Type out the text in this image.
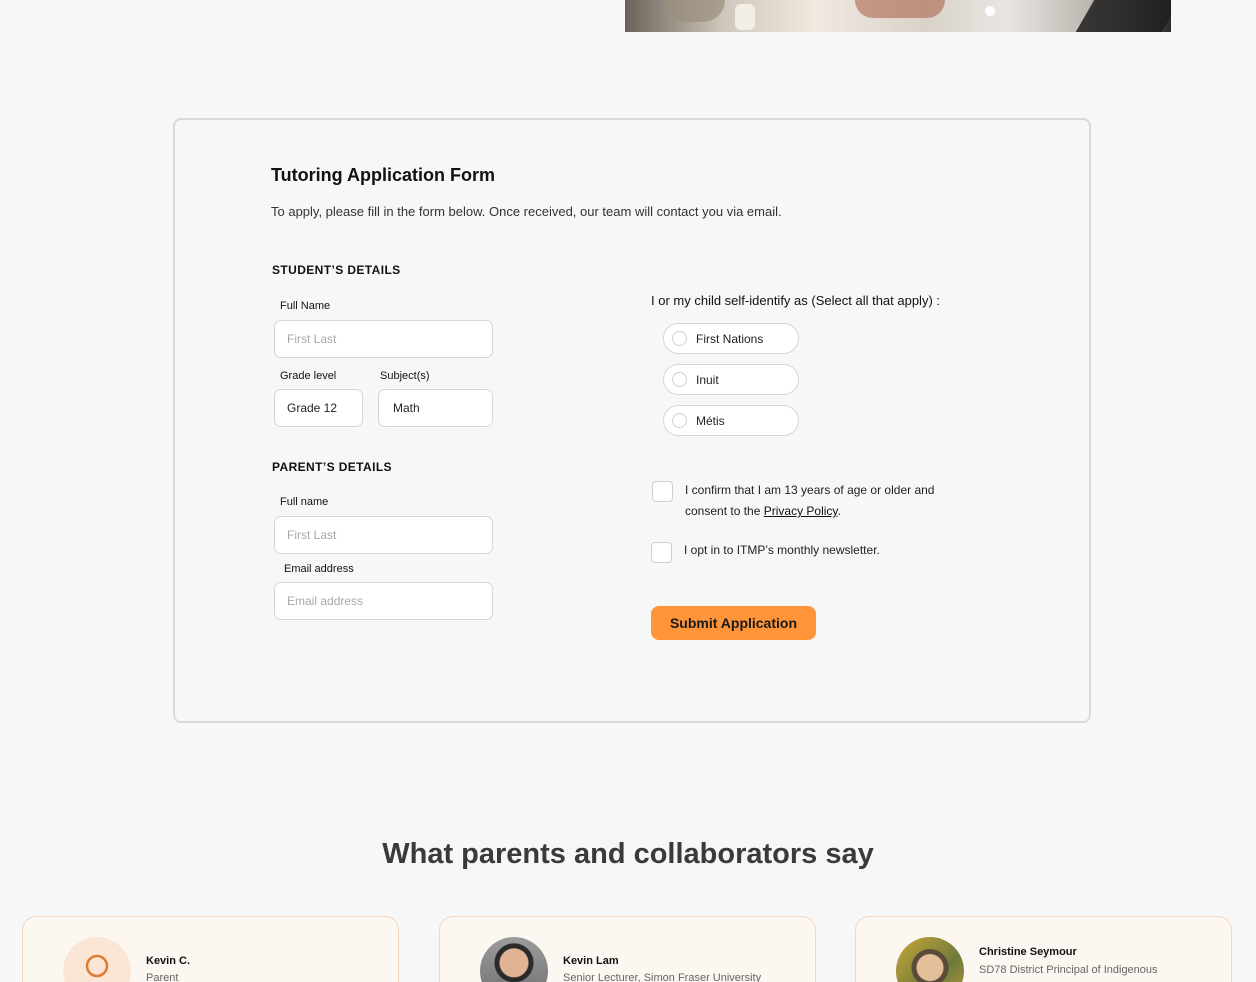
Tutoring Application Form
To apply, please fill in the form below. Once received, our team will contact you via email.
STUDENT’S DETAILS
Full Name
First Last
Grade level
Grade 12	Subject(s)
Math
PARENT’S DETAILS
Full name
First Last
Email address
Email address
I or my child self-identify as (Select all that apply) :
First Nations
Inuit
Métis
I confirm that I am 13 years of age or older and
consent to the Privacy Policy.
I opt in to ITMP’s monthly newsletter.
Submit Application
What parents and collaborators say
Kevin C.
Parent
Kevin Lam
Senior Lecturer, Simon Fraser University
Christine Seymour
SD78 District Principal of Indigenous
